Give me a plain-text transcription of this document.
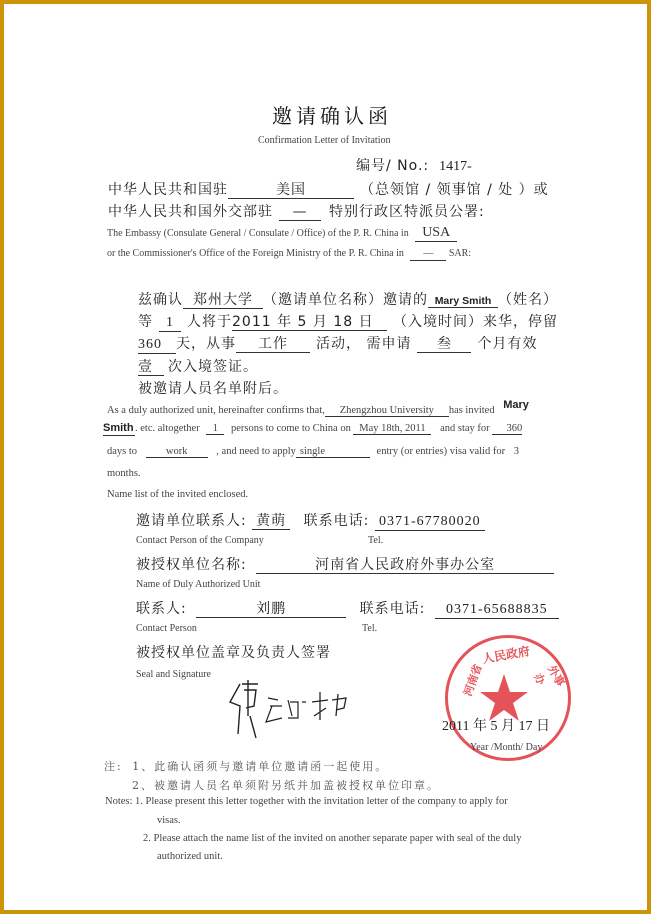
邀请确认函
Confirmation Letter of Invitation
编号/ No.: 1417-
中华人民共和国驻	美国	（总领馆 / 领事馆 / 处 ）或
中华人民共和国外交部驻 — 特别行政区特派员公署:
The Embassy (Consulate General / Consulate / Office) of the P. R. China in USA
or the Commissioner's Office of the Foreign Ministry of the P. R. China in — SAR:
兹确认 郑州大学 （邀请单位名称）邀请的 Mary Smith （姓名）
等 1 人将于2011 年 5 月 18 日 （入境时间）来华，停留
360 天，从事 工作 活动， 需申请 叁 个月有效
壹 次入境签证。
被邀请人员名单附后。
As a duly authorized unit, hereinafter confirms that, Zhengzhou University has invited Mary
Smith. etc. altogether 1 persons to come to China on May 18th, 2011 and stay for 360
days to	work	, and need to apply single	entry (or entries) visa valid for 3
months.
Name list of the invited enclosed.
邀请单位联系人: 黄萌 联系电话: 0371-67780020
Contact Person of the Company	Tel.
被授权单位名称:	河南省人民政府外事办公室
Name of Duly Authorized Unit
联系人:	刘鹏	联系电话: 0371-65688835
Contact Person	Tel.
被授权单位盖章及负责人签署
Seal and Signature
人民政府
河南省	外事办
2011 年 5 月 17 日
Year /Month/ Day
注: 1、此确认函须与邀请单位邀请函一起使用。
2、被邀请人员名单须附另纸并加盖被授权单位印章。
Notes: 1. Please present this letter together with the invitation letter of the company to apply for
visas.
2. Please attach the name list of the invited on another separate paper with seal of the duly
authorized unit.
